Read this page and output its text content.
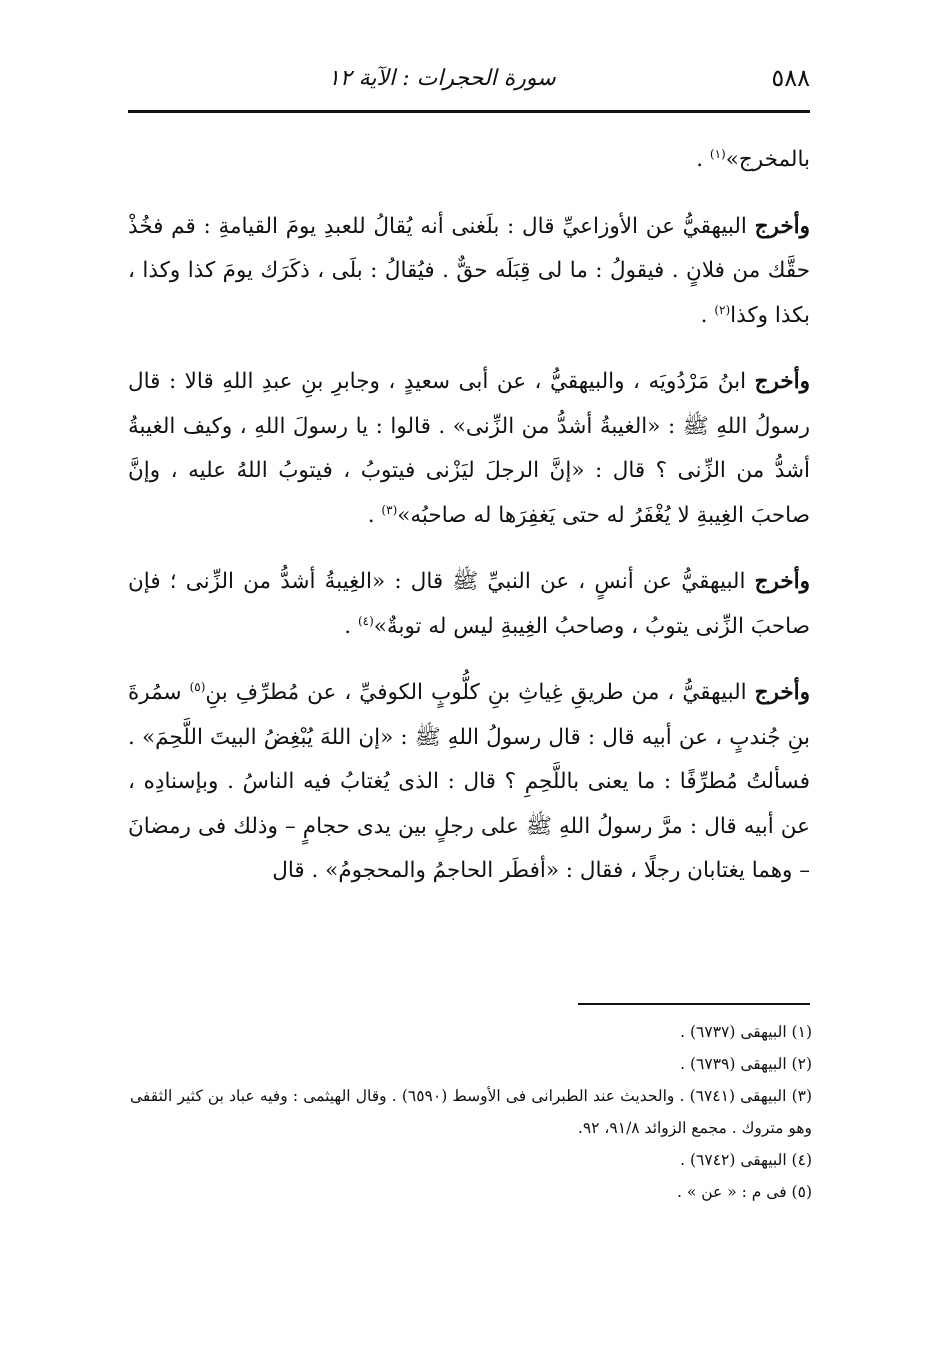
٥٨٨
سورة الحجرات : الآية ١٢

بالمخرج»$^{(١)}$ .

وأخرج البيهقيُّ عن الأوزاعيِّ قال : بلَغنى أنه يُقالُ للعبدِ يومَ القيامةِ : قم فخُذْ حقَّك من فلانٍ . فيقولُ : ما لى قِبَلَه حقٌّ . فيُقالُ : بلَى ، ذكَرَك يومَ كذا وكذا ، بكذا وكذا$^{(٢)}$ .

وأخرج ابنُ مَرْدُويَه ، والبيهقيُّ ، عن أبى سعيدٍ ، وجابرِ بنِ عبدِ اللهِ قالا : قال رسولُ اللهِ ﷺ : «الغيبةُ أشدُّ من الزِّنى» . قالوا : يا رسولَ اللهِ ، وكيف الغيبةُ أشدُّ من الزِّنى ؟ قال : «إنَّ الرجلَ ليَزْنى فيتوبُ ، فيتوبُ اللهُ عليه ، وإنَّ صاحبَ الغِيبةِ لا يُغْفَرُ له حتى يَغفِرَها له صاحبُه»$^{(٣)}$ .

وأخرج البيهقيُّ عن أنسٍ ، عن النبيِّ ﷺ قال : «الغِيبةُ أشدُّ من الزِّنى ؛ فإن صاحبَ الزِّنى يتوبُ ، وصاحبُ الغِيبةِ ليس له توبةٌ»$^{(٤)}$ .

وأخرج البيهقيُّ ، من طريقِ غِياثِ بنِ كلُّوبٍ الكوفيِّ ، عن مُطرِّفِ بنِ$^{(٥)}$ سمُرةَ بنِ جُندبٍ ، عن أبيه قال : قال رسولُ اللهِ ﷺ : «إن اللهَ يُبْغِضُ البيتَ اللَّحِمَ» . فسألتُ مُطرِّفًا : ما يعنى باللَّحِمِ ؟ قال : الذى يُغتابُ فيه الناسُ . وبإسنادِه ، عن أبيه قال : مرَّ رسولُ اللهِ ﷺ على رجلٍ بين يدى حجامٍ – وذلك فى رمضانَ – وهما يغتابان رجلًا ، فقال : «أفطَر الحاجمُ والمحجومُ» . قال

(١) البيهقى (٦٧٣٧) .

(٢) البيهقى (٦٧٣٩) .

(٣) البيهقى (٦٧٤١) . والحديث عند الطبرانى فى الأوسط (٦٥٩٠) . وقال الهيثمى : وفيه عباد بن كثير الثقفى وهو متروك . مجمع الزوائد ٩١/٨، ٩٢.

(٤) البيهقى (٦٧٤٢) .

(٥) فى م : « عن » .
